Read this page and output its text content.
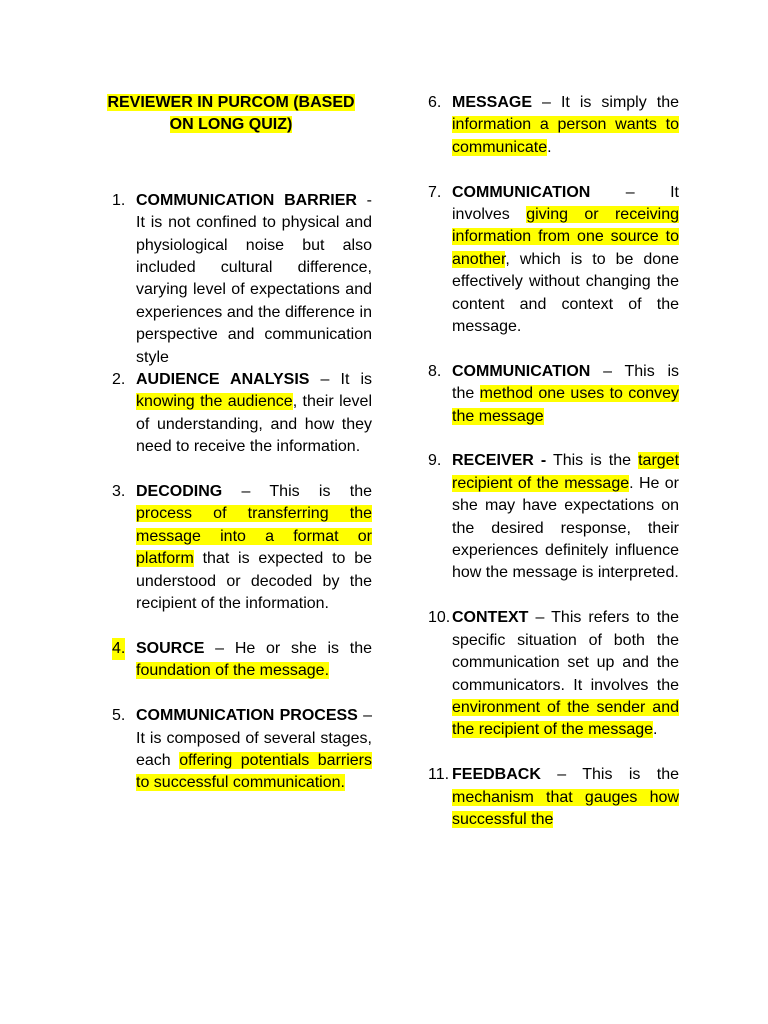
REVIEWER IN PURCOM (BASED
ON LONG QUIZ)
1. COMMUNICATION BARRIER - It is not confined to physical and physiological noise but also included cultural difference, varying level of expectations and experiences and the difference in perspective and communication style
2. AUDIENCE ANALYSIS – It is knowing the audience, their level of understanding, and how they need to receive the information.
3. DECODING – This is the process of transferring the message into a format or platform that is expected to be understood or decoded by the recipient of the information.
4. SOURCE – He or she is the foundation of the message.
5. COMMUNICATION PROCESS – It is composed of several stages, each offering potentials barriers to successful communication.
6. MESSAGE – It is simply the information a person wants to communicate.
7. COMMUNICATION – It involves giving or receiving information from one source to another, which is to be done effectively without changing the content and context of the message.
8. COMMUNICATION – This is the method one uses to convey the message
9. RECEIVER - This is the target recipient of the message. He or she may have expectations on the desired response, their experiences definitely influence how the message is interpreted.
10. CONTEXT – This refers to the specific situation of both the communication set up and the communicators. It involves the environment of the sender and the recipient of the message.
11. FEEDBACK – This is the mechanism that gauges how successful the
